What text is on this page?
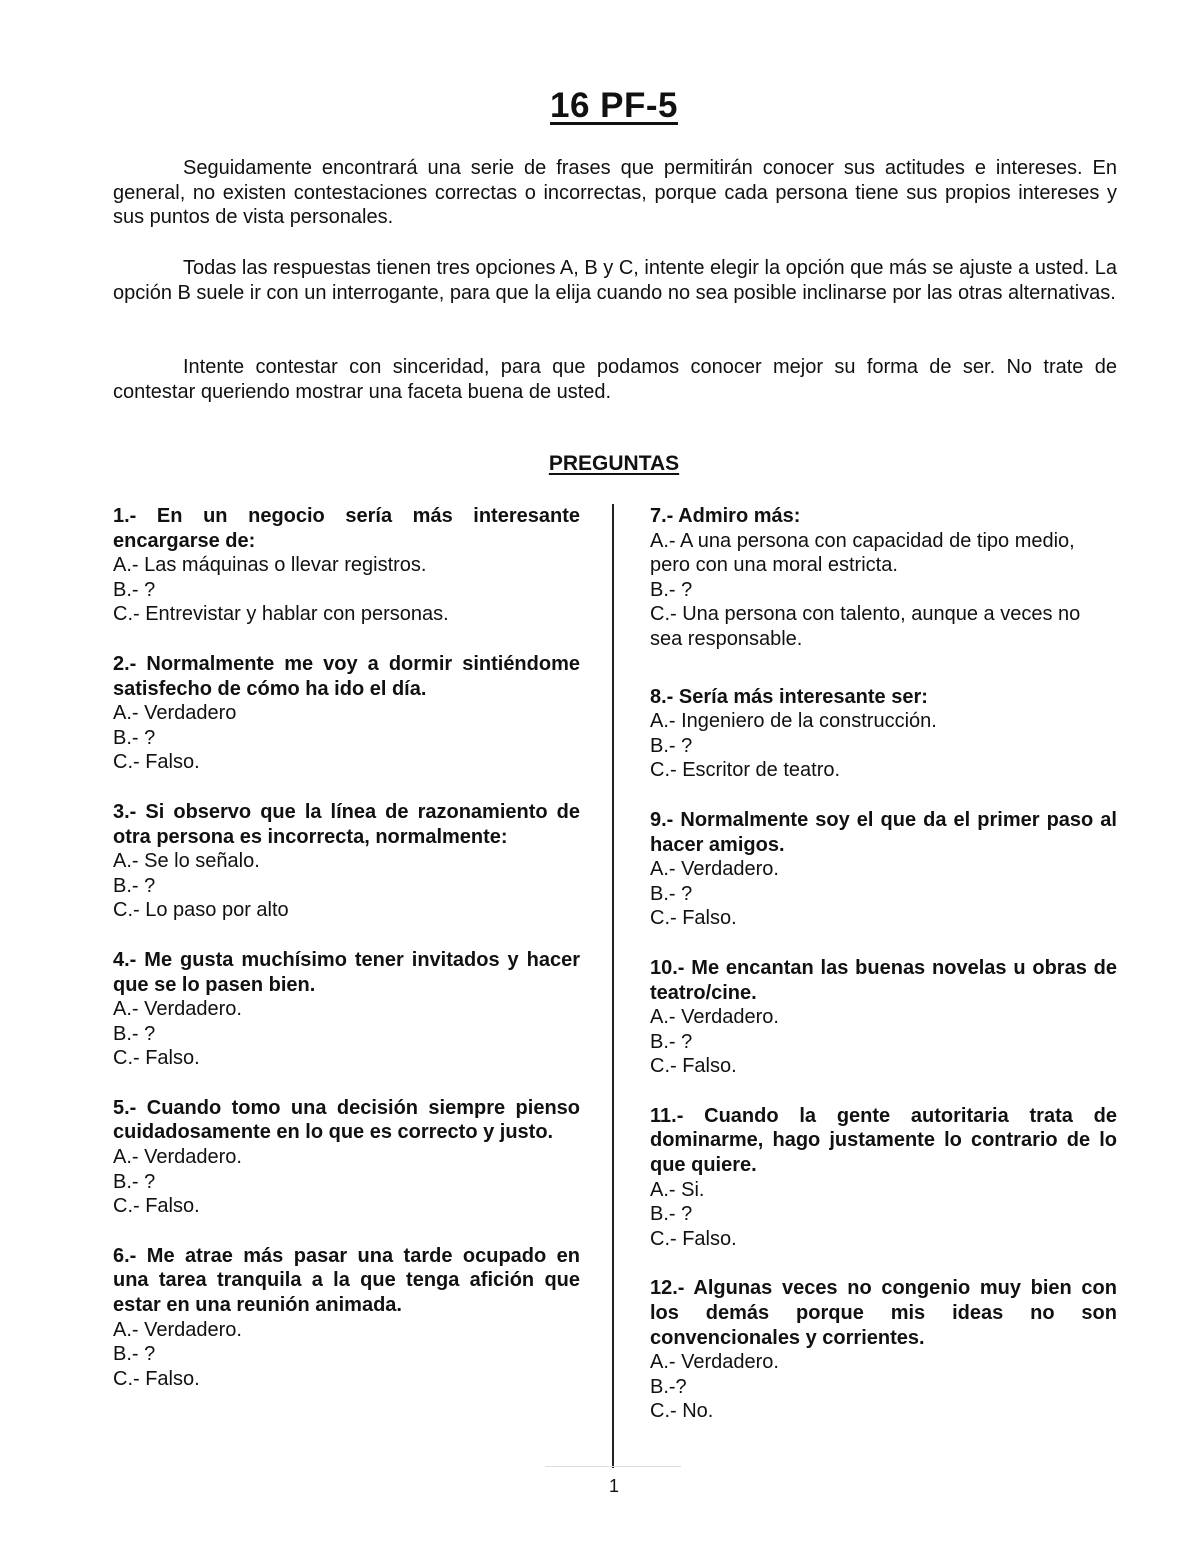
16 PF-5

Seguidamente encontrará una serie de frases que permitirán conocer sus actitudes e intereses. En general, no existen contestaciones correctas o incorrectas, porque cada persona tiene sus propios intereses y sus puntos de vista personales.

Todas las respuestas tienen tres opciones A, B y C, intente elegir la opción que más se ajuste a usted. La opción B suele ir con un interrogante, para que la elija cuando no sea posible inclinarse por las otras alternativas.

Intente contestar con sinceridad, para que podamos conocer mejor su forma de ser. No trate de contestar queriendo mostrar una faceta buena de usted.

PREGUNTAS

1.- En un negocio sería más interesante encargarse de:

A.- Las máquinas o llevar registros.

B.- ?

C.- Entrevistar y hablar con personas.

2.- Normalmente me voy a dormir sintiéndome satisfecho de cómo ha ido el día.

A.- Verdadero

B.- ?

C.- Falso.

3.- Si observo que la línea de razonamiento de otra persona es incorrecta, normalmente:

A.- Se lo señalo.

B.- ?

C.- Lo paso por alto

4.- Me gusta muchísimo tener invitados y hacer que se lo pasen bien.

A.- Verdadero.

B.- ?

C.- Falso.

5.- Cuando tomo una decisión siempre pienso cuidadosamente en lo que es correcto y justo.

A.- Verdadero.

B.- ?

C.- Falso.

6.- Me atrae más pasar una tarde ocupado en una tarea tranquila a la que tenga afición que estar en una reunión animada.

A.- Verdadero.

B.- ?

C.- Falso.

7.- Admiro más:

A.- A una persona con capacidad de tipo medio, pero con una moral estricta.

B.- ?

C.- Una persona con talento, aunque a veces no sea responsable.

8.- Sería más interesante ser:

A.- Ingeniero de la construcción.

B.- ?

C.- Escritor de teatro.

9.- Normalmente soy el que da el primer paso al hacer amigos.

A.- Verdadero.

B.- ?

C.- Falso.

10.- Me encantan las buenas novelas u obras de teatro/cine.

A.- Verdadero.

B.- ?

C.- Falso.

11.- Cuando la gente autoritaria trata de dominarme, hago justamente lo contrario de lo que quiere.

A.- Si.

B.- ?

C.- Falso.

12.- Algunas veces no congenio muy bien con los demás porque mis ideas no son convencionales y corrientes.

A.- Verdadero.

B.-?

C.- No.

1
